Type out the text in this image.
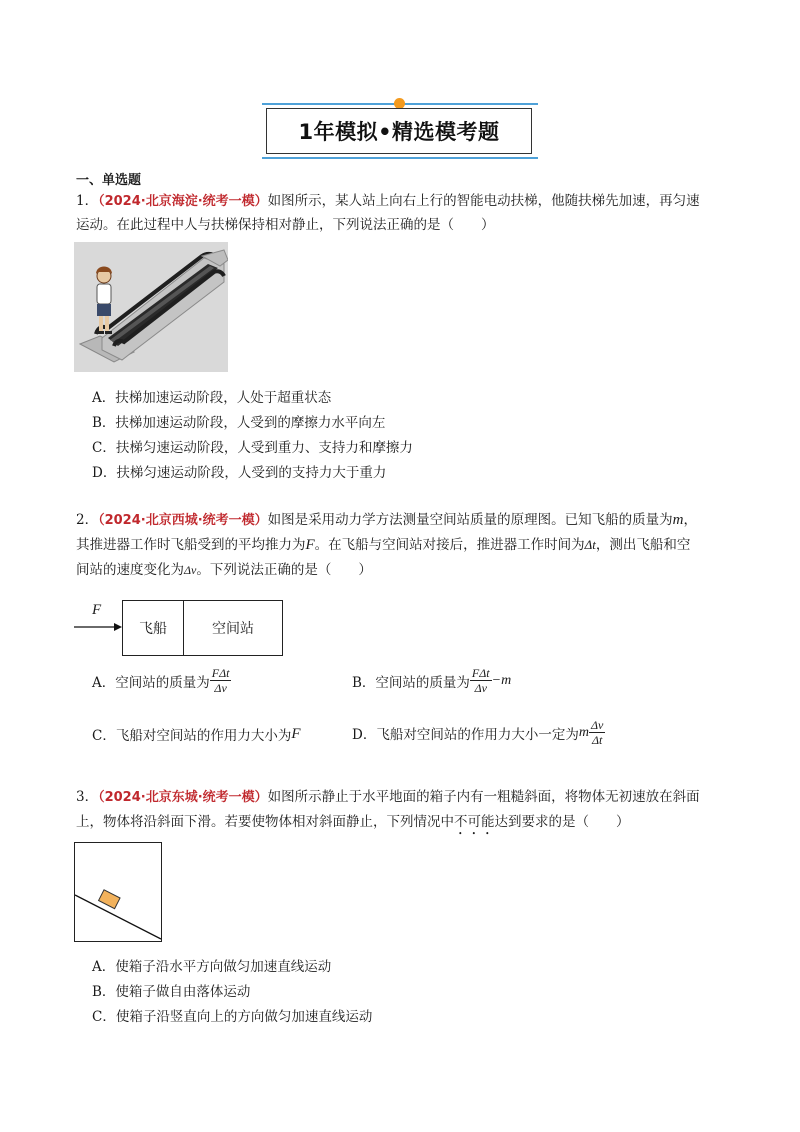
1年模拟•精选模考题
一、单选题
1．（2024·北京海淀·统考一模）如图所示，某人站上向右上行的智能电动扶梯，他随扶梯先加速，再匀速
运动。在此过程中人与扶梯保持相对静止，下列说法正确的是（　　）
A．扶梯加速运动阶段，人处于超重状态
B．扶梯加速运动阶段，人受到的摩擦力水平向左
C．扶梯匀速运动阶段，人受到重力、支持力和摩擦力
D．扶梯匀速运动阶段，人受到的支持力大于重力
2．（2024·北京西城·统考一模）如图是采用动力学方法测量空间站质量的原理图。已知飞船的质量为m，
其推进器工作时飞船受到的平均推力为F。在飞船与空间站对接后，推进器工作时间为Δt，测出飞船和空
间站的速度变化为Δv。下列说法正确的是（　　）
F
飞船	空间站
A．空间站的质量为 $\frac{\text{FΔt}}{\Delta v}$	B．空间站的质量为 $\frac{\text{FΔt}}{\Delta v} -m$
C．飞船对空间站的作用力大小为 F	D．飞船对空间站的作用力大小一定为 m $\frac{\Delta v}{\Delta t}$
3．（2024·北京东城·统考一模）如图所示静止于水平地面的箱子内有一粗糙斜面，将物体无初速放在斜面
上，物体将沿斜面下滑。若要使物体相对斜面静止，下列情况中不可能达到要求的是（　　）
A．使箱子沿水平方向做匀加速直线运动
B．使箱子做自由落体运动
C．使箱子沿竖直向上的方向做匀加速直线运动
